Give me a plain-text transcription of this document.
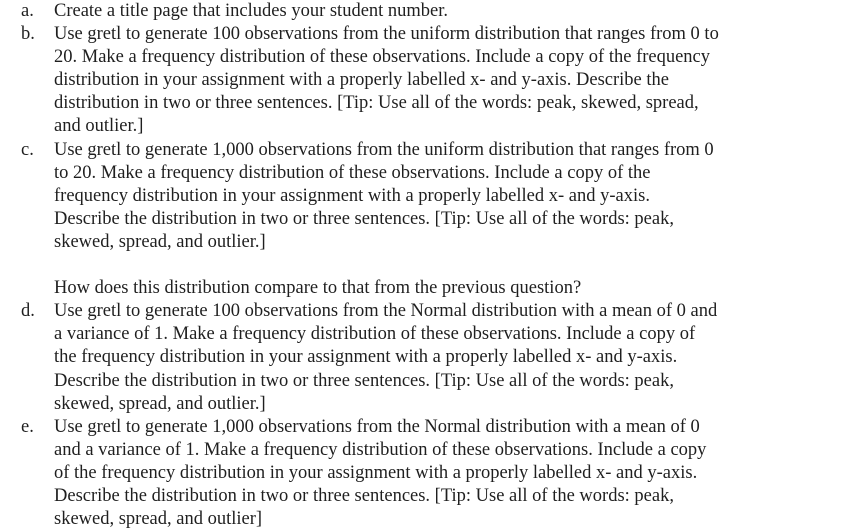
a. Create a title page that includes your student number.
b. Use gretl to generate 100 observations from the uniform distribution that ranges from 0 to
20. Make a frequency distribution of these observations. Include a copy of the frequency
distribution in your assignment with a properly labelled x- and y-axis. Describe the
distribution in two or three sentences. [Tip: Use all of the words: peak, skewed, spread,
and outlier.]
c. Use gretl to generate 1,000 observations from the uniform distribution that ranges from 0
to 20. Make a frequency distribution of these observations. Include a copy of the
frequency distribution in your assignment with a properly labelled x- and y-axis.
Describe the distribution in two or three sentences. [Tip: Use all of the words: peak,
skewed, spread, and outlier.]
How does this distribution compare to that from the previous question?
d. Use gretl to generate 100 observations from the Normal distribution with a mean of 0 and
a variance of 1. Make a frequency distribution of these observations. Include a copy of
the frequency distribution in your assignment with a properly labelled x- and y-axis.
Describe the distribution in two or three sentences. [Tip: Use all of the words: peak,
skewed, spread, and outlier.]
e. Use gretl to generate 1,000 observations from the Normal distribution with a mean of 0
and a variance of 1. Make a frequency distribution of these observations. Include a copy
of the frequency distribution in your assignment with a properly labelled x- and y-axis.
Describe the distribution in two or three sentences. [Tip: Use all of the words: peak,
skewed, spread, and outlier]
